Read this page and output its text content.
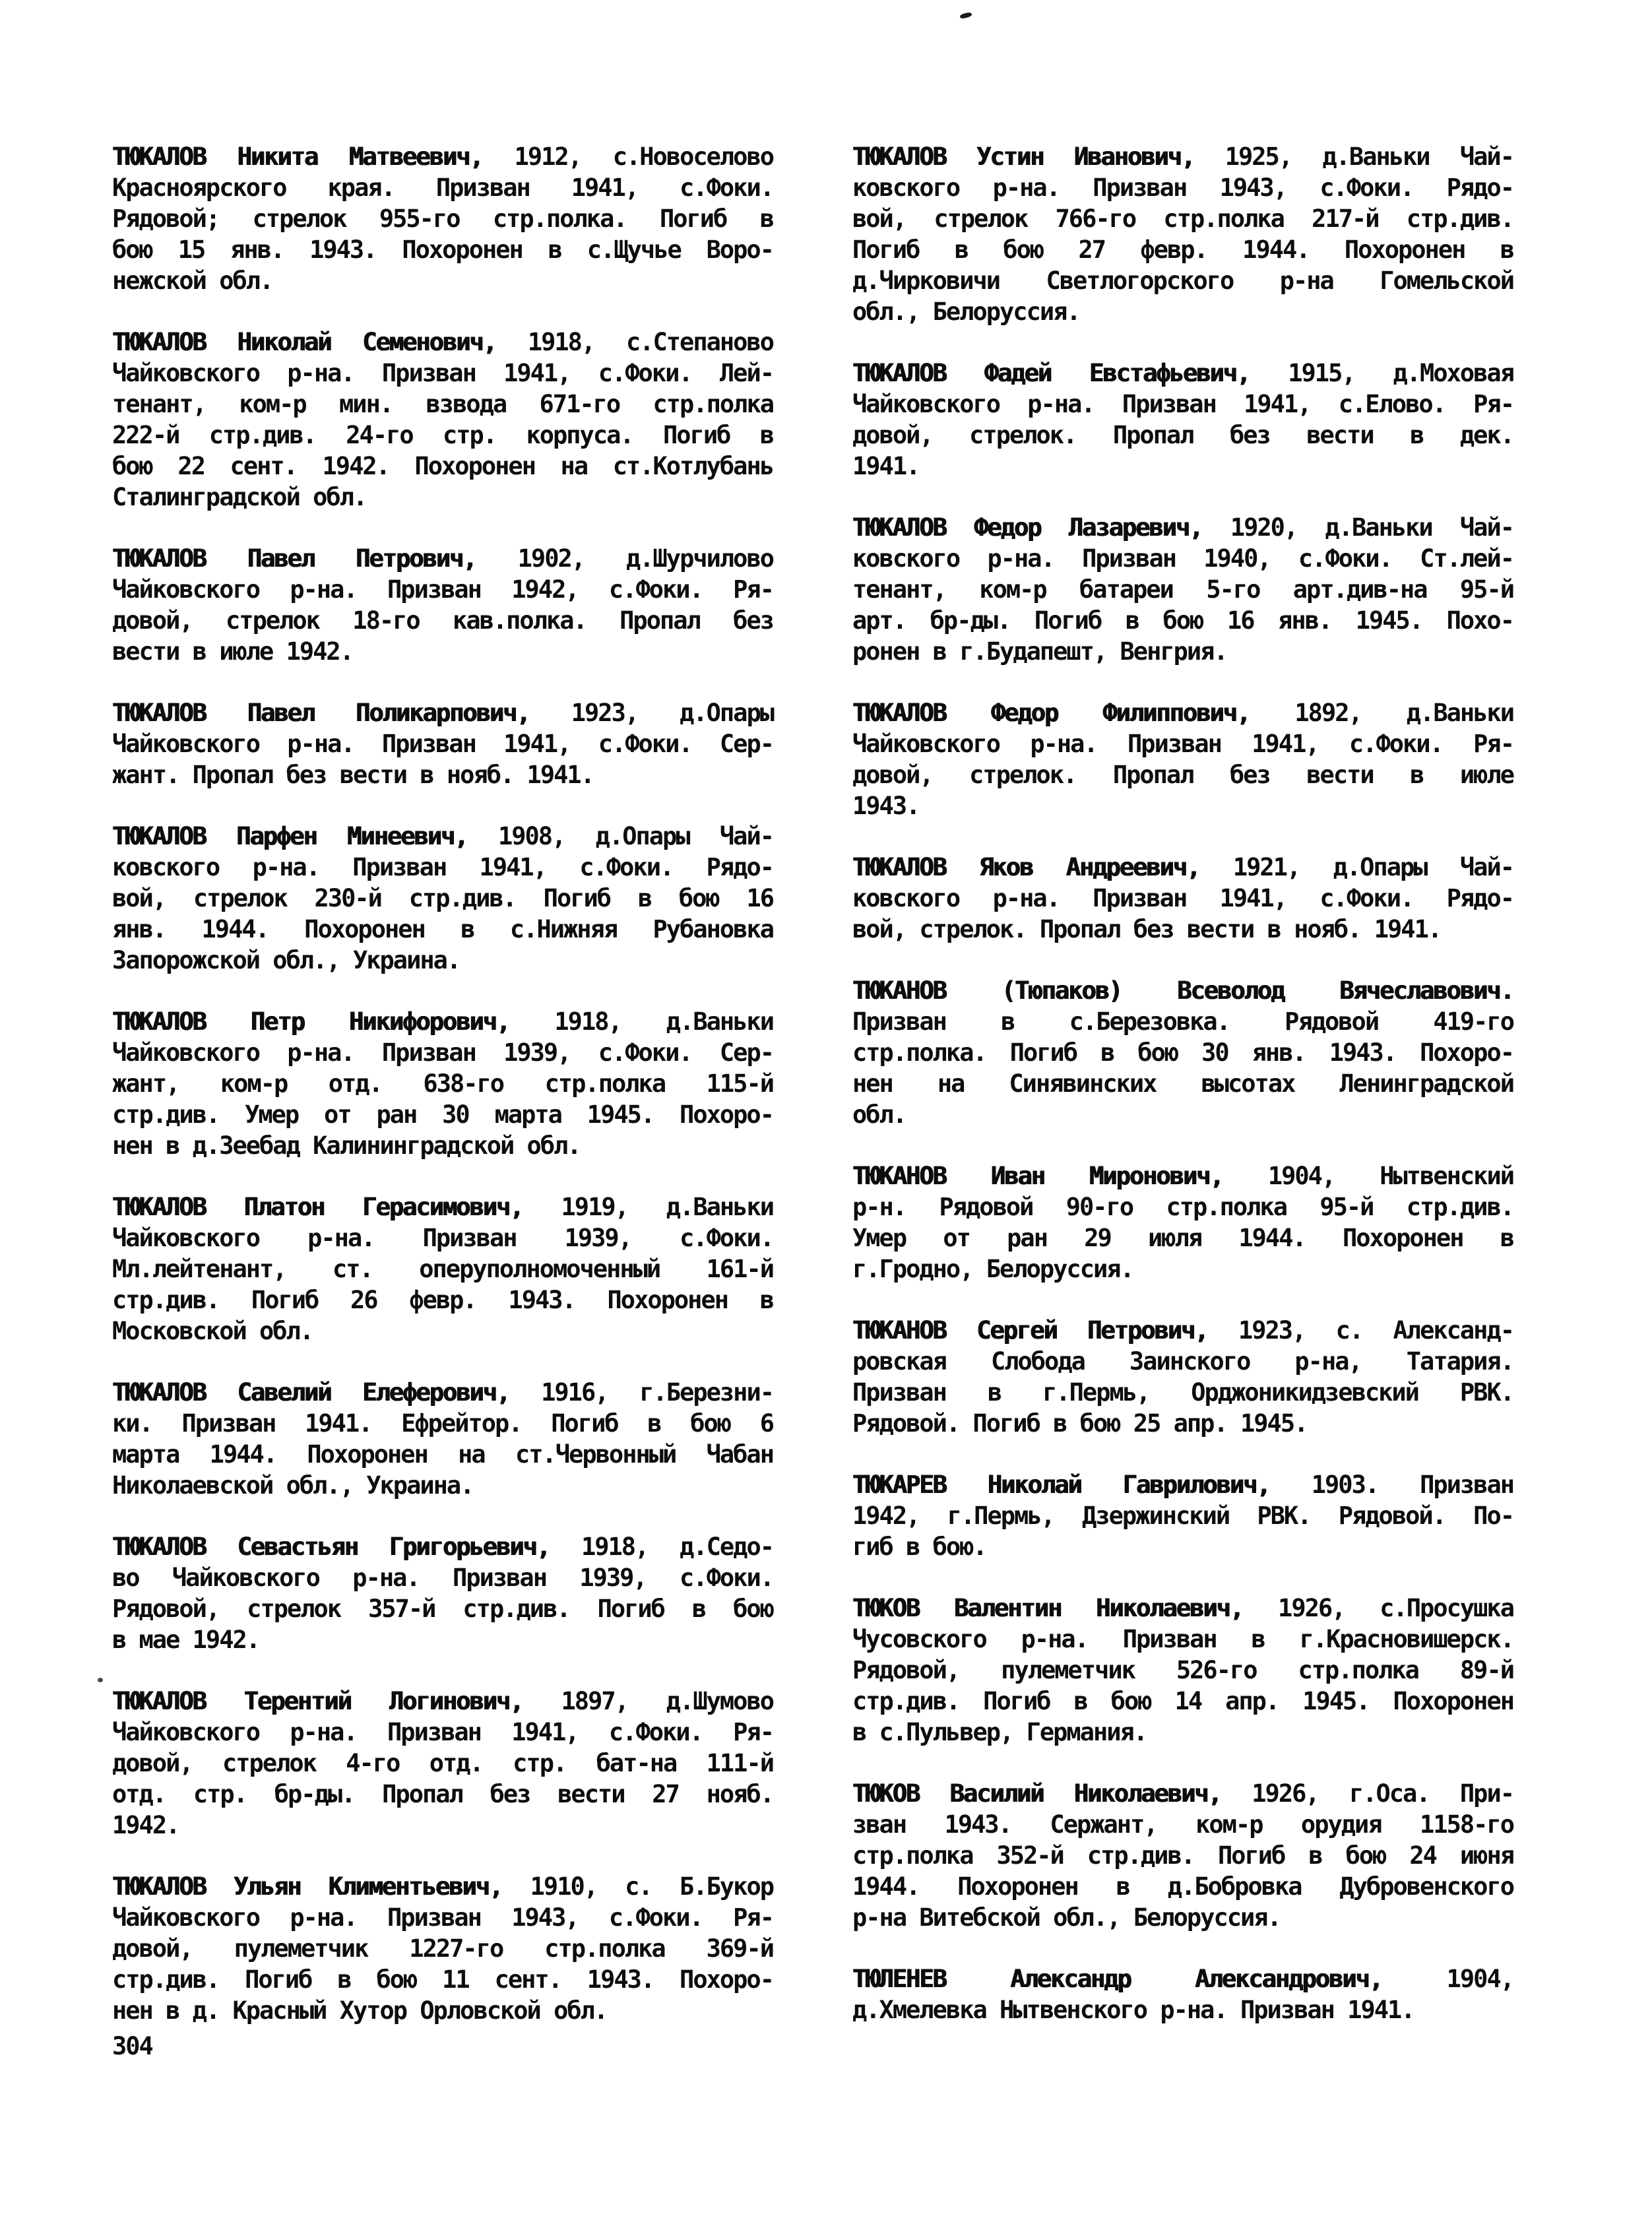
ТЮКАЛОВ Никита Матвеевич, 1912, с.Новоселово
Красноярского края. Призван 1941, с.Фоки.
Рядовой; стрелок 955-го стр.полка. Погиб в
бою 15 янв. 1943. Похоронен в с.Щучье Воро-
нежской обл.
ТЮКАЛОВ Николай Семенович, 1918, с.Степаново
Чайковского р-на. Призван 1941, с.Фоки. Лей-
тенант, ком-р мин. взвода 671-го стр.полка
222-й стр.див. 24-го стр. корпуса. Погиб в
бою 22 сент. 1942. Похоронен на ст.Котлубань
Сталинградской обл.
ТЮКАЛОВ Павел Петрович, 1902, д.Шурчилово
Чайковского р-на. Призван 1942, с.Фоки. Ря-
довой, стрелок 18-го кав.полка. Пропал без
вести в июле 1942.
ТЮКАЛОВ Павел Поликарпович, 1923, д.Опары
Чайковского р-на. Призван 1941, с.Фоки. Сер-
жант. Пропал без вести в нояб. 1941.
ТЮКАЛОВ Парфен Минеевич, 1908, д.Опары Чай-
ковского р-на. Призван 1941, с.Фоки. Рядо-
вой, стрелок 230-й стр.див. Погиб в бою 16
янв. 1944. Похоронен в с.Нижняя Рубановка
Запорожской обл., Украина.
ТЮКАЛОВ Петр Никифорович, 1918, д.Ваньки
Чайковского р-на. Призван 1939, с.Фоки. Сер-
жант, ком-р отд. 638-го стр.полка 115-й
стр.див. Умер от ран 30 марта 1945. Похоро-
нен в д.Зеебад Калининградской обл.
ТЮКАЛОВ Платон Герасимович, 1919, д.Ваньки
Чайковского р-на. Призван 1939, с.Фоки.
Мл.лейтенант, ст. оперуполномоченный 161-й
стр.див. Погиб 26 февр. 1943. Похоронен в
Московской обл.
ТЮКАЛОВ Савелий Елеферович, 1916, г.Березни-
ки. Призван 1941. Ефрейтор. Погиб в бою 6
марта 1944. Похоронен на ст.Червонный Чабан
Николаевской обл., Украина.
ТЮКАЛОВ Севастьян Григорьевич, 1918, д.Седо-
во Чайковского р-на. Призван 1939, с.Фоки.
Рядовой, стрелок 357-й стр.див. Погиб в бою
в мае 1942.
ТЮКАЛОВ Терентий Логинович, 1897, д.Шумово
Чайковского р-на. Призван 1941, с.Фоки. Ря-
довой, стрелок 4-го отд. стр. бат-на 111-й
отд. стр. бр-ды. Пропал без вести 27 нояб.
1942.
ТЮКАЛОВ Ульян Климентьевич, 1910, с. Б.Букор
Чайковского р-на. Призван 1943, с.Фоки. Ря-
довой, пулеметчик 1227-го стр.полка 369-й
стр.див. Погиб в бою 11 сент. 1943. Похоро-
нен в д. Красный Хутор Орловской обл.
ТЮКАЛОВ Устин Иванович, 1925, д.Ваньки Чай-
ковского р-на. Призван 1943, с.Фоки. Рядо-
вой, стрелок 766-го стр.полка 217-й стр.див.
Погиб в бою 27 февр. 1944. Похоронен в
д.Чирковичи Светлогорского р-на Гомельской
обл., Белоруссия.
ТЮКАЛОВ Фадей Евстафьевич, 1915, д.Моховая
Чайковского р-на. Призван 1941, с.Елово. Ря-
довой, стрелок. Пропал без вести в дек.
1941.
ТЮКАЛОВ Федор Лазаревич, 1920, д.Ваньки Чай-
ковского р-на. Призван 1940, с.Фоки. Ст.лей-
тенант, ком-р батареи 5-го арт.див-на 95-й
арт. бр-ды. Погиб в бою 16 янв. 1945. Похо-
ронен в г.Будапешт, Венгрия.
ТЮКАЛОВ Федор Филиппович, 1892, д.Ваньки
Чайковского р-на. Призван 1941, с.Фоки. Ря-
довой, стрелок. Пропал без вести в июле
1943.
ТЮКАЛОВ Яков Андреевич, 1921, д.Опары Чай-
ковского р-на. Призван 1941, с.Фоки. Рядо-
вой, стрелок. Пропал без вести в нояб. 1941.
ТЮКАНОВ (Тюпаков) Всеволод Вячеславович.
Призван в с.Березовка. Рядовой 419-го
стр.полка. Погиб в бою 30 янв. 1943. Похоро-
нен на Синявинских высотах Ленинградской
обл.
ТЮКАНОВ Иван Миронович, 1904, Нытвенский
р-н. Рядовой 90-го стр.полка 95-й стр.див.
Умер от ран 29 июля 1944. Похоронен в
г.Гродно, Белоруссия.
ТЮКАНОВ Сергей Петрович, 1923, с. Александ-
ровская Слобода Заинского р-на, Татария.
Призван в г.Пермь, Орджоникидзевский РВК.
Рядовой. Погиб в бою 25 апр. 1945.
ТЮКАРЕВ Николай Гаврилович, 1903. Призван
1942, г.Пермь, Дзержинский РВК. Рядовой. По-
гиб в бою.
ТЮКОВ Валентин Николаевич, 1926, с.Просушка
Чусовского р-на. Призван в г.Красновишерск.
Рядовой, пулеметчик 526-го стр.полка 89-й
стр.див. Погиб в бою 14 апр. 1945. Похоронен
в с.Пульвер, Германия.
ТЮКОВ Василий Николаевич, 1926, г.Оса. При-
зван 1943. Сержант, ком-р орудия 1158-го
стр.полка 352-й стр.див. Погиб в бою 24 июня
1944. Похоронен в д.Бобровка Дубровенского
р-на Витебской обл., Белоруссия.
ТЮЛЕНЕВ Александр Александрович,	1904,
д.Хмелевка Нытвенского р-на. Призван 1941.
304
